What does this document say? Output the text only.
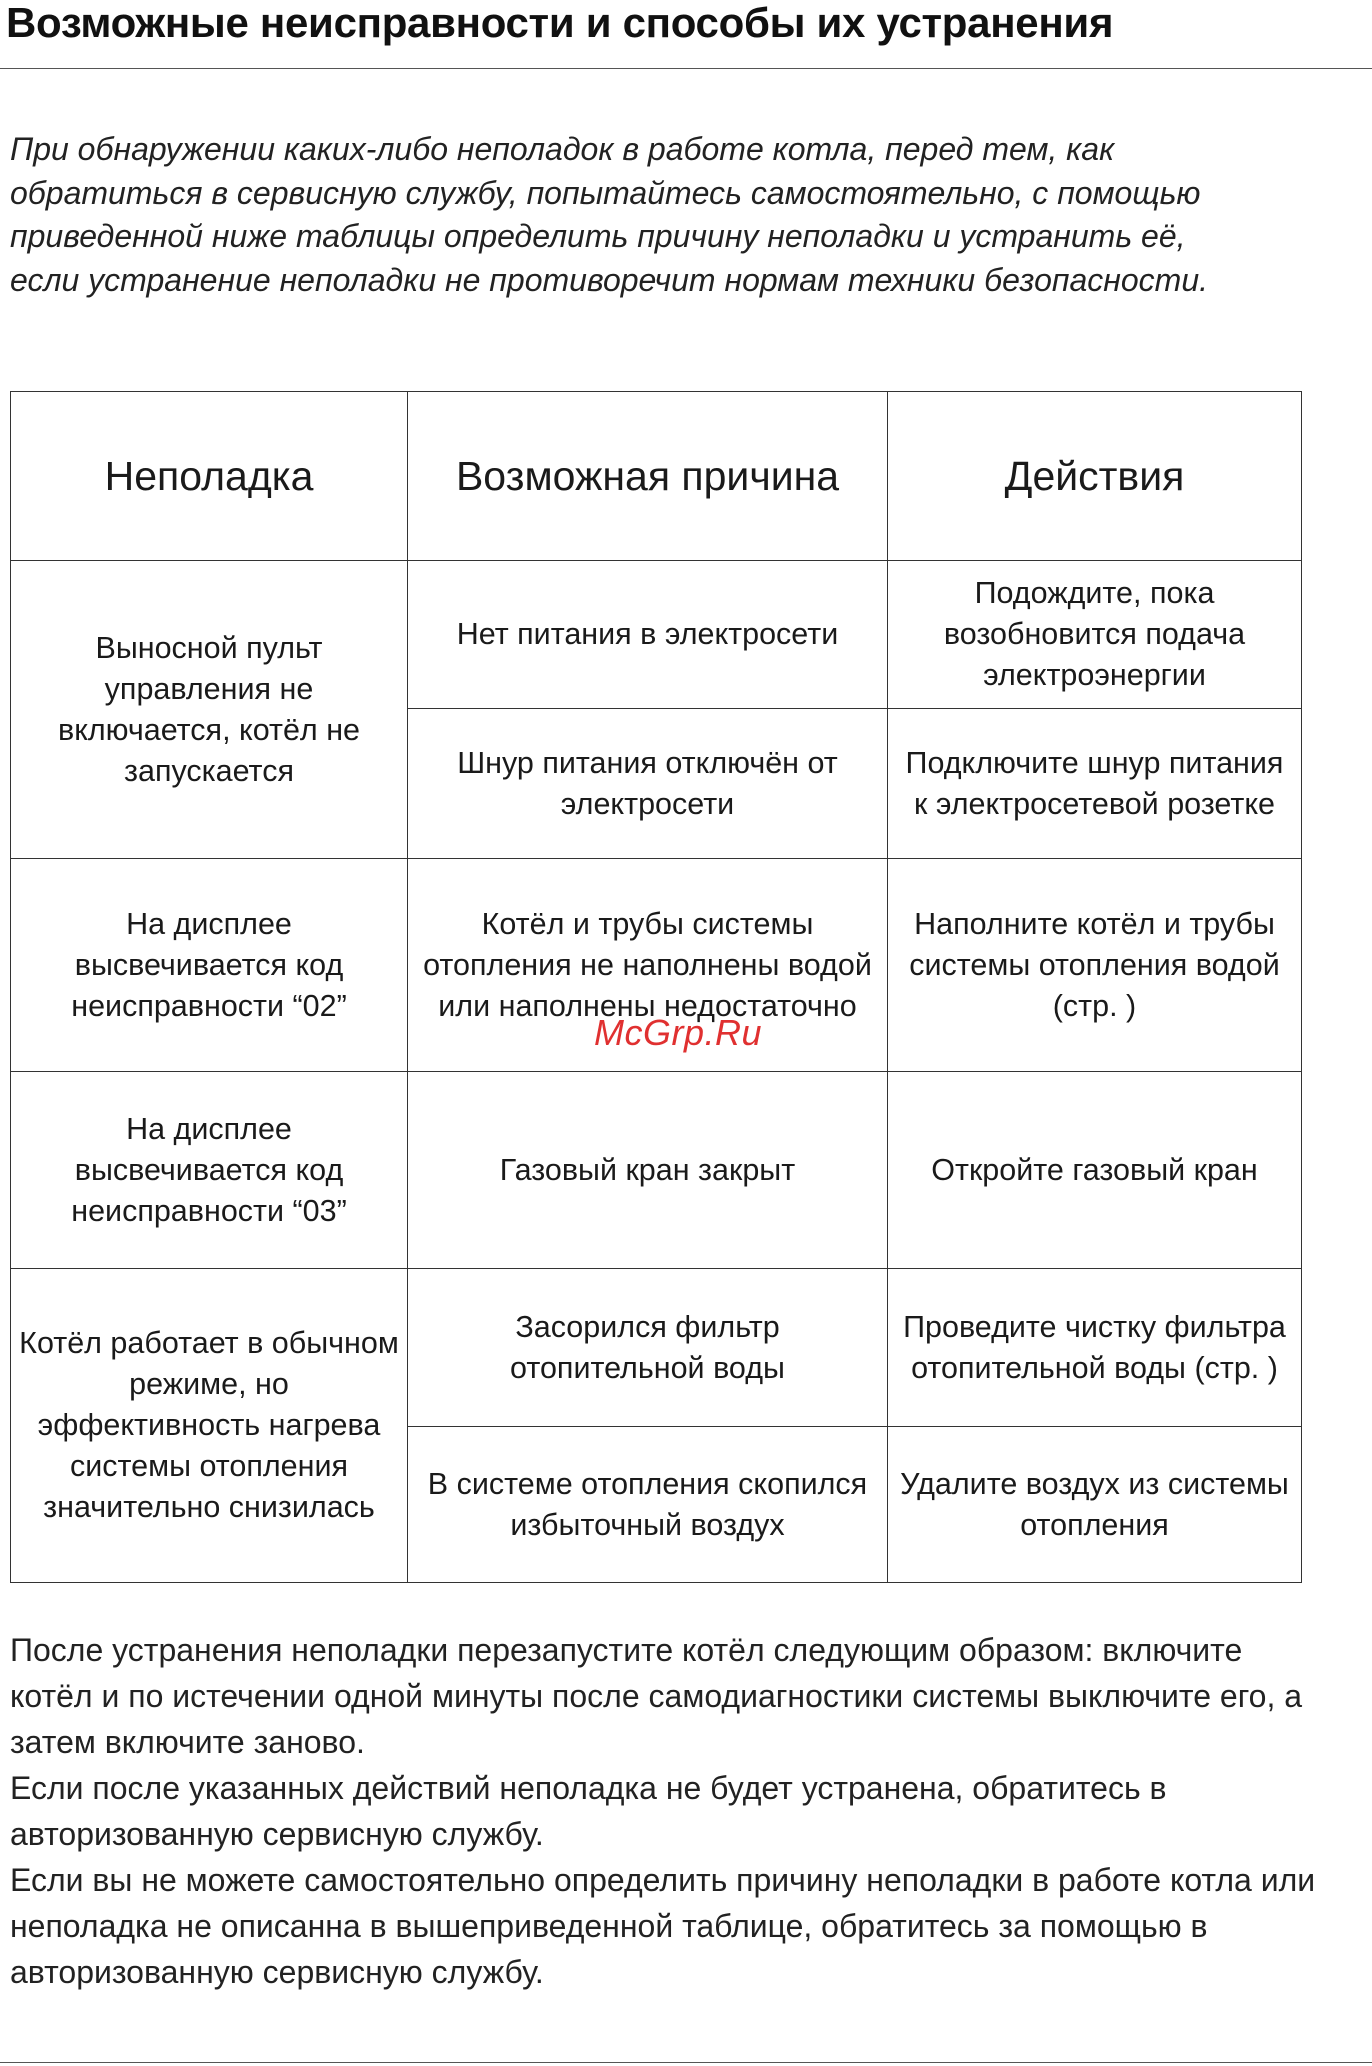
Возможные неисправности и способы их устранения

При обнаружении каких-либо неполадок в работе котла, перед тем, как обратиться в сервисную службу, попытайтесь самостоятельно, с помощью приведенной ниже таблицы определить причину неполадки и устранить её, если устранение неполадки не противоречит нормам техники безопасности.

Неполадка	Возможная причина	Действия
Выносной пульт управления не включается, котёл не запускается	Нет питания в электросети	Подождите, пока возобновится подача электроэнергии
	Шнур питания отключён от электросети	Подключите шнур питания к электросетевой розетке
На дисплее высвечивается код неисправности “02”	Котёл и трубы системы отопления не наполнены водой или наполнены недостаточно	Наполните котёл и трубы системы отопления водой (стр. )
На дисплее высвечивается код неисправности “03”	Газовый кран закрыт	Откройте газовый кран
Котёл работает в обычном режиме, но эффективность нагрева системы отопления значительно снизилась	Засорился фильтр отопительной воды	Проведите чистку фильтра отопительной воды (стр. )
	В системе отопления скопился избыточный воздух	Удалите воздух из системы отопления
McGrp.Ru

После устранения неполадки перезапустите котёл следующим образом: включите котёл и по истечении одной минуты после самодиагностики системы выключите его, а затем включите заново.

Если после указанных действий неполадка не будет устранена, обратитесь в авторизованную сервисную службу.

Если вы не можете самостоятельно определить причину неполадки в работе котла или неполадка не описанна в вышеприведенной таблице, обратитесь за помощью в авторизованную сервисную службу.
